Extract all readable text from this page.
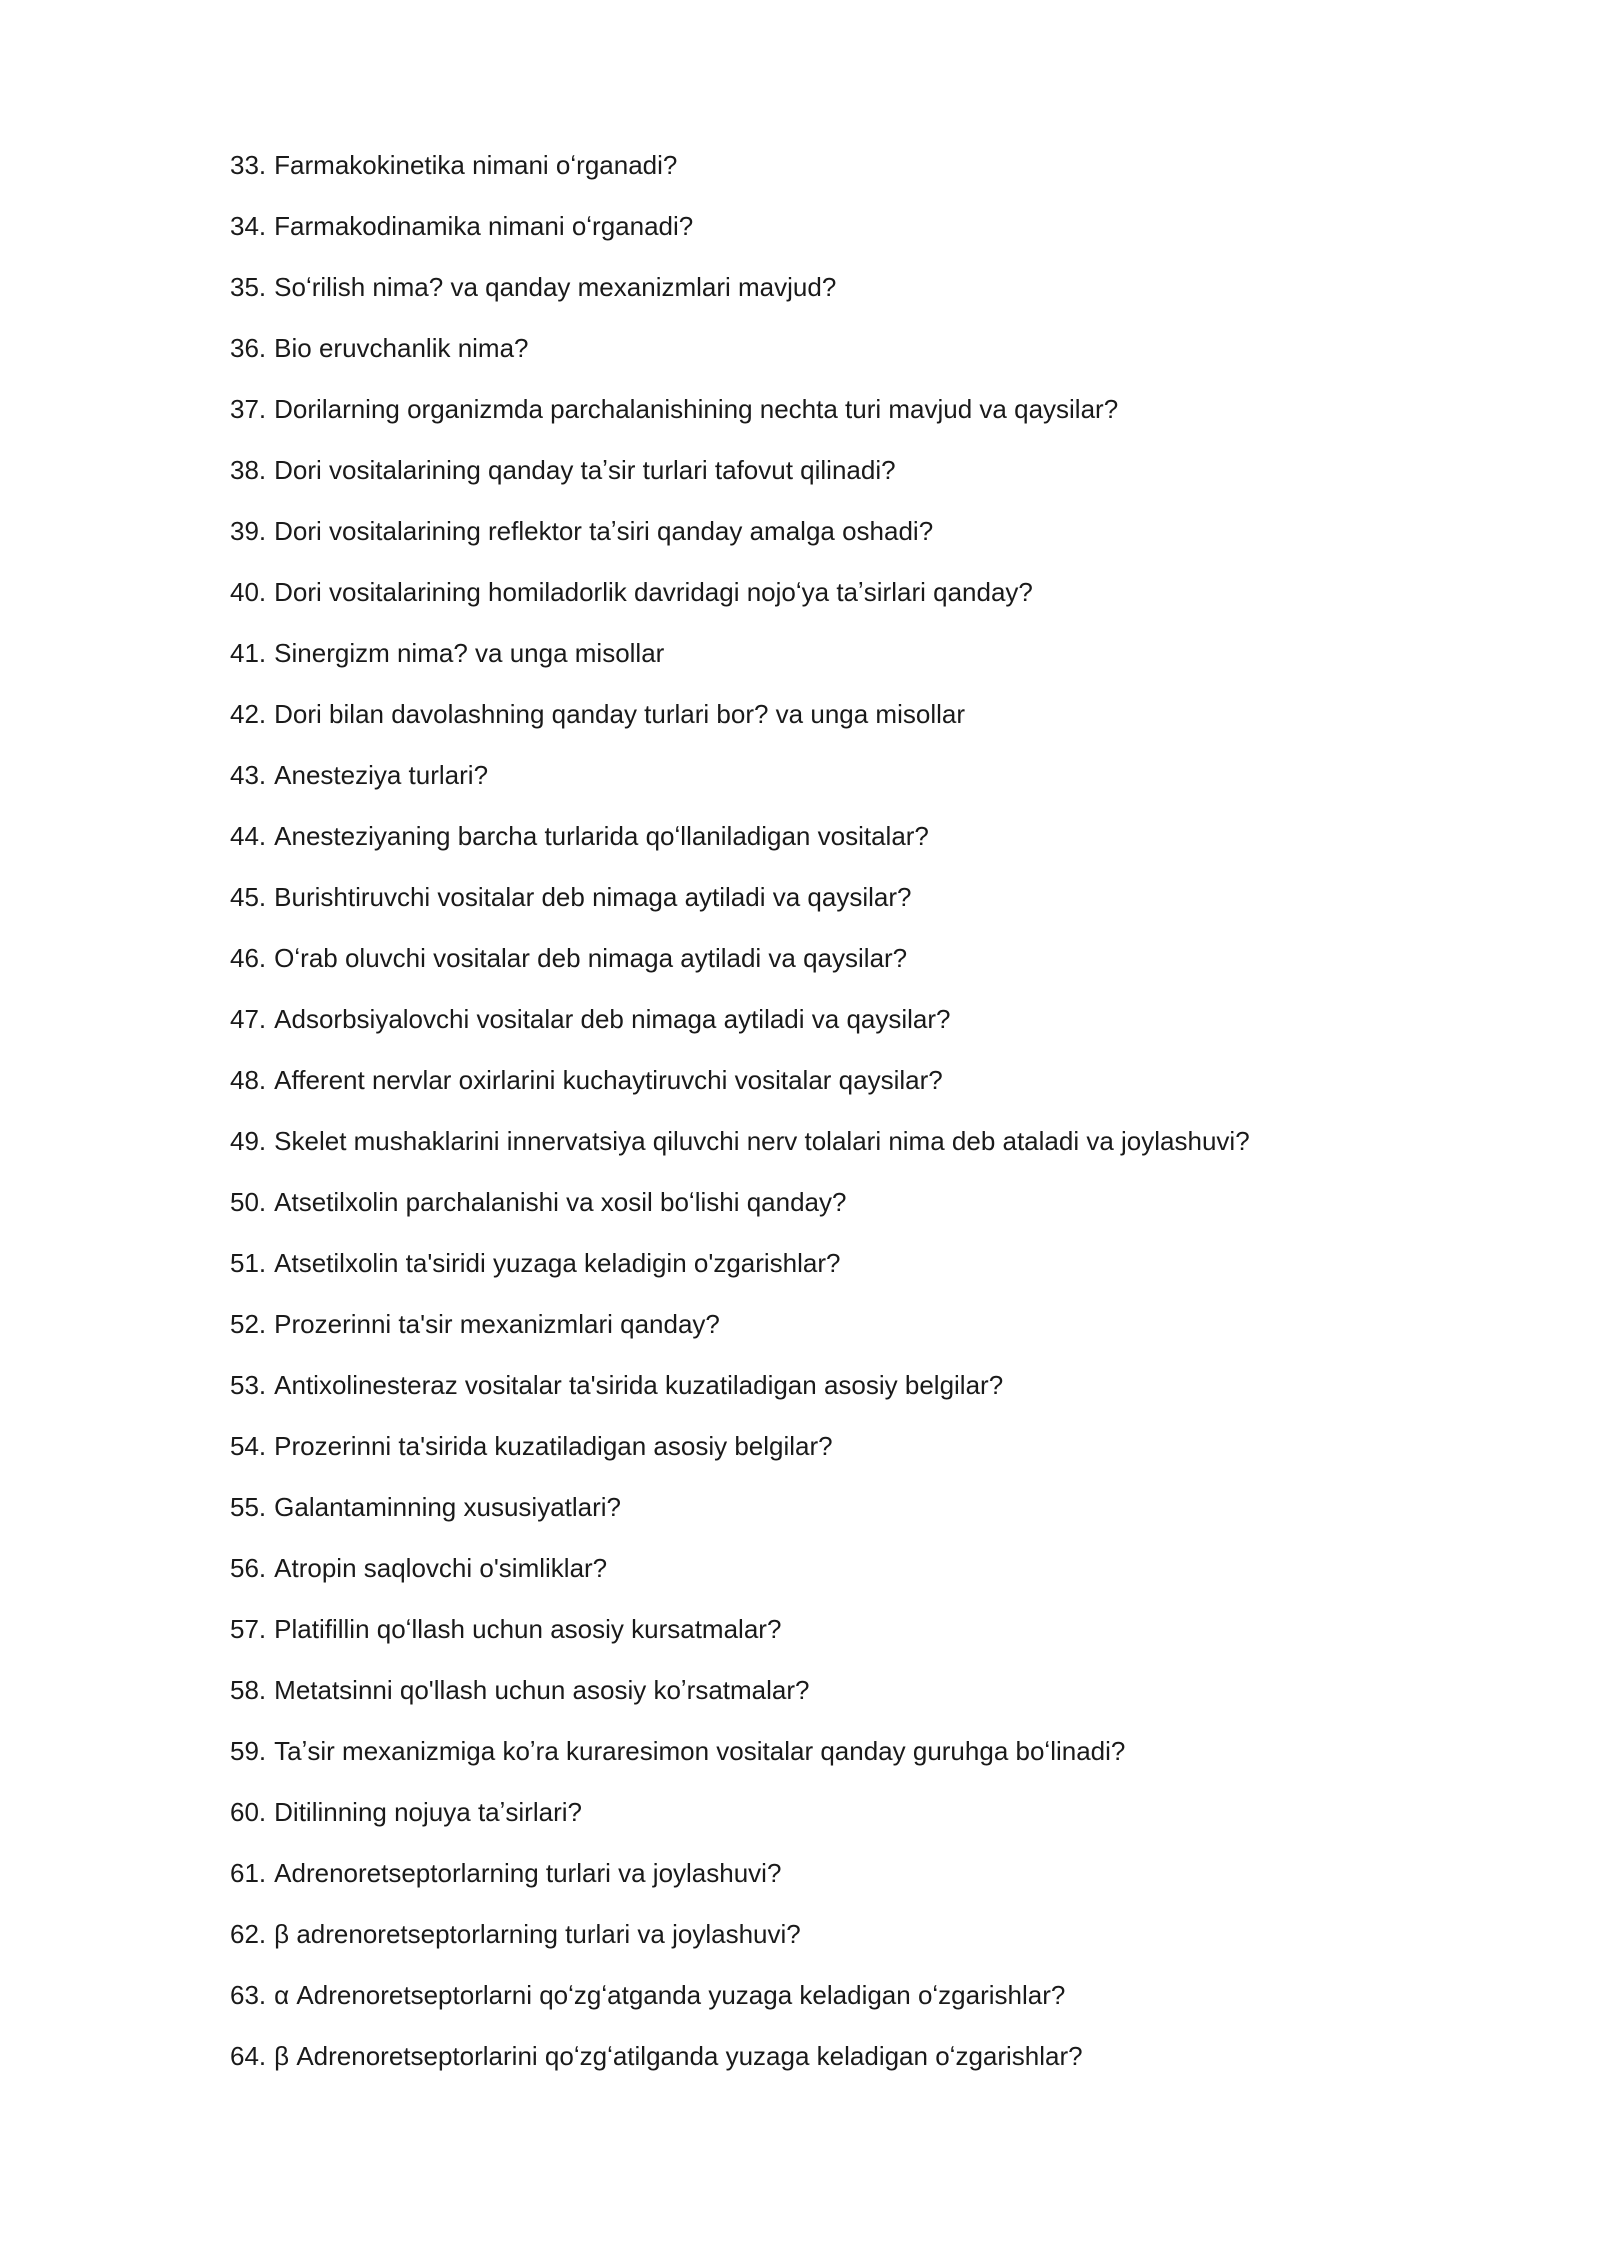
33. Farmakokinetika nimani oʻrganadi?
34. Farmakodinamika nimani oʻrganadi?
35. Soʻrilish nima? va qanday mexanizmlari mavjud?
36. Bio eruvchanlik nima?
37. Dorilarning organizmda parchalanishining nechta turi mavjud va qaysilar?
38. Dori vositalarining qanday taʼsir turlari tafovut qilinadi?
39. Dori vositalarining reflektor taʼsiri qanday amalga oshadi?
40. Dori vositalarining homiladorlik davridagi nojoʻya taʼsirlari qanday?
41. Sinergizm nima? va unga misollar
42. Dori bilan davolashning qanday turlari bor? va unga misollar
43. Anesteziya turlari?
44. Anesteziyaning barcha turlarida qoʻllaniladigan vositalar?
45. Burishtiruvchi vositalar deb nimaga aytiladi va qaysilar?
46. Oʻrab oluvchi vositalar deb nimaga aytiladi va qaysilar?
47. Adsorbsiyalovchi vositalar deb nimaga aytiladi va qaysilar?
48. Afferent nervlar oxirlarini kuchaytiruvchi vositalar qaysilar?
49. Skelet mushaklarini innervatsiya qiluvchi nerv tolalari nima deb ataladi va joylashuvi?
50. Atsetilxolin parchalanishi va xosil boʻlishi qanday?
51. Atsetilxolin ta'siridi yuzaga keladigin o'zgarishlar?
52. Prozerinni ta'sir mexanizmlari qanday?
53. Antixolinesteraz vositalar ta'sirida kuzatiladigan asosiy belgilar?
54. Prozerinni ta'sirida kuzatiladigan asosiy belgilar?
55. Galantaminning xususiyatlari?
56. Atropin saqlovchi o'simliklar?
57. Platifillin qoʻllash uchun asosiy kursatmalar?
58. Metatsinni qo'llash uchun asosiy koʼrsatmalar?
59. Taʼsir mexanizmiga koʼra kuraresimon vositalar qanday guruhga boʻlinadi?
60. Ditilinning nojuya taʼsirlari?
61. Adrenoretseptorlarning turlari va joylashuvi?
62. β adrenoretseptorlarning turlari va joylashuvi?
63. α Adrenoretseptorlarni qoʻzgʻatganda yuzaga keladigan oʻzgarishlar?
64. β Adrenoretseptorlarini qoʻzgʻatilganda yuzaga keladigan oʻzgarishlar?
